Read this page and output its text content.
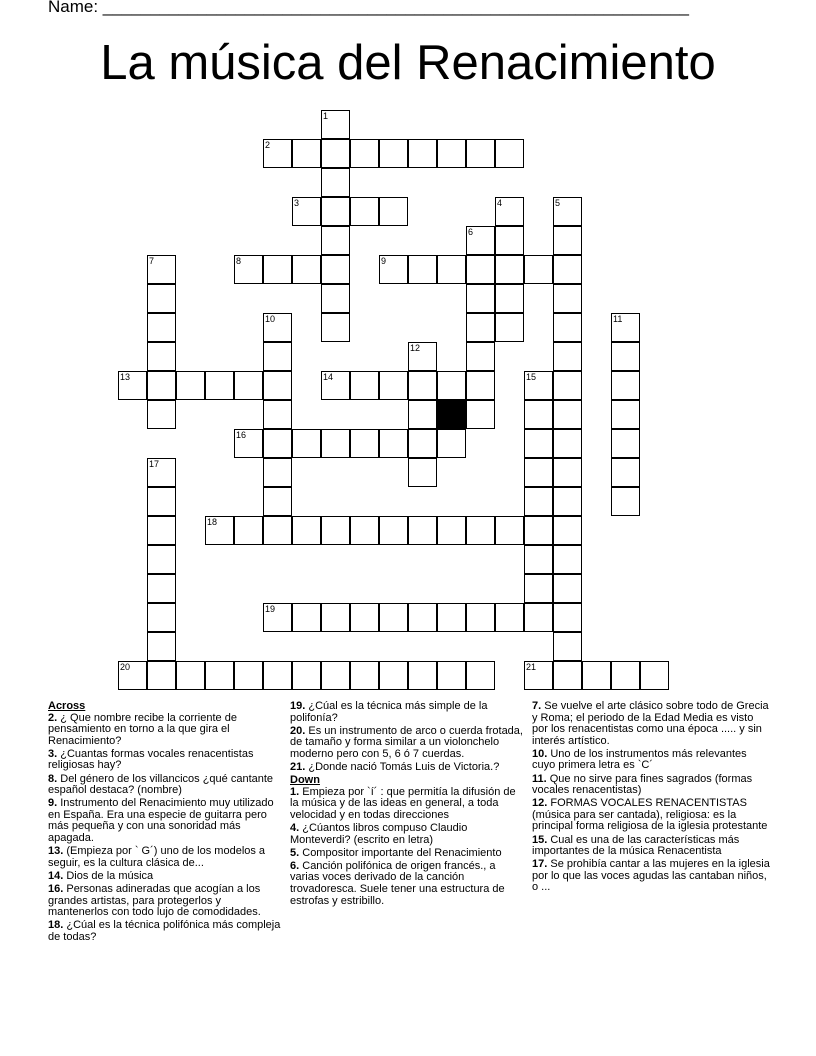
Name: ______________________________________________________________
La música del Renacimiento
1
2
3	4	5
6
7	8	9
10	11
12
13	14	15
16
17
18
19
20	21
Across
2. ¿ Que nombre recibe la corriente de pensamiento en torno a la que gira el Renacimiento?
3. ¿Cuantas formas vocales renacentistas religiosas hay?
8. Del género de los villancicos ¿qué cantante español destaca? (nombre)
9. Instrumento del Renacimiento muy utilizado en España. Era una especie de guitarra pero más pequeña y con una sonoridad más apagada.
13. (Empieza por ` G´) uno de los modelos a seguir, es la cultura clásica de...
14. Dios de la música
16. Personas adineradas que acogían a los grandes artistas, para protegerlos y mantenerlos con todo lujo de comodidades.
18. ¿Cúal es la técnica polifónica más compleja de todas?
19. ¿Cúal es la técnica más simple de la polifonía?
20. Es un instrumento de arco o cuerda frotada, de tamaño y forma similar a un violonchelo moderno pero con 5, 6 ó 7 cuerdas.
21. ¿Donde nació Tomás Luis de Victoria.?
Down
1. Empieza por `í´ : que permitía la difusión de la música y de las ideas en general, a toda velocidad y en todas direcciones
4. ¿Cúantos libros compuso Claudio Monteverdi? (escrito en letra)
5. Compositor importante del Renacimiento
6. Canción polifónica de origen francés., a varias voces derivado de la canción trovadoresca. Suele tener una estructura de estrofas y estribillo.
7. Se vuelve el arte clásico sobre todo de Grecia y Roma; el periodo de la Edad Media es visto por los renacentistas como una época ..... y sin interés artístico.
10. Uno de los instrumentos más relevantes cuyo primera letra es `C´
11. Que no sirve para fines sagrados (formas vocales renacentistas)
12. FORMAS VOCALES RENACENTISTAS (música para ser cantada), religiosa: es la principal forma religiosa de la iglesia protestante
15. Cual es una de las características más importantes de la música Renacentista
17. Se prohibía cantar a las mujeres en la iglesia por lo que las voces agudas las cantaban niños, o ...
